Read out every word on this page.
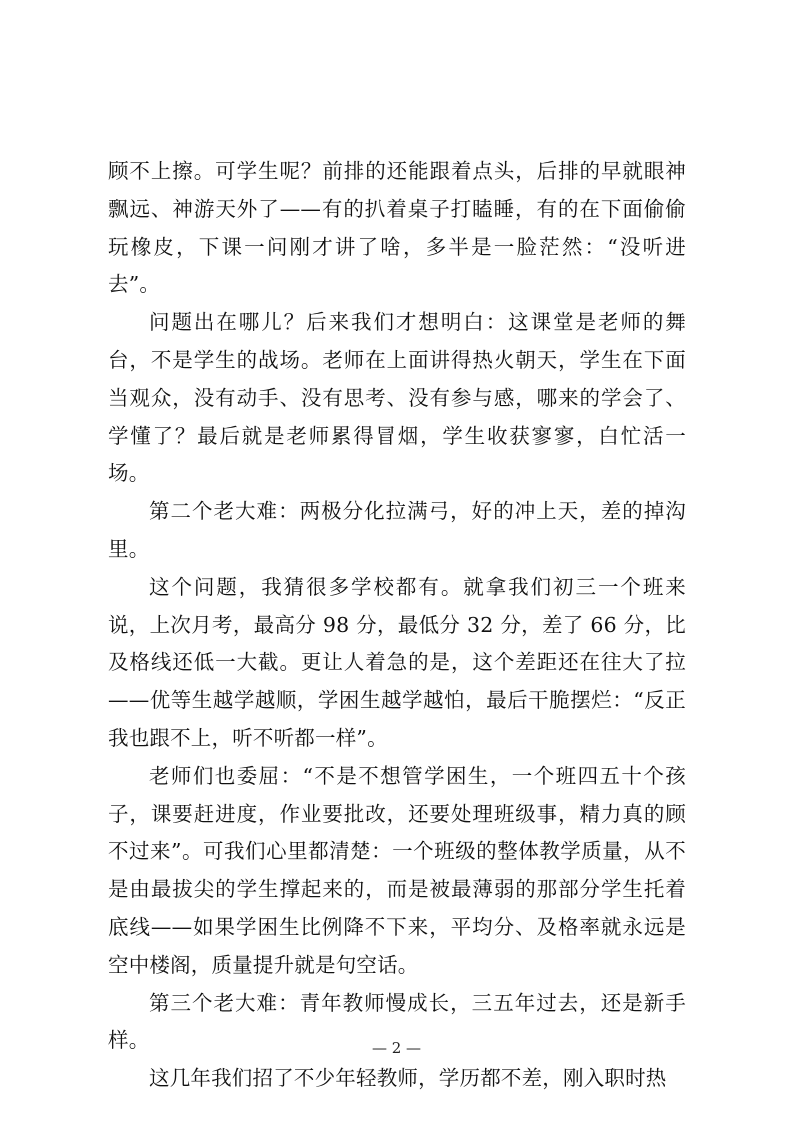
顾不上擦。可学生呢？前排的还能跟着点头，后排的早就眼神飘远、神游天外了——有的扒着桌子打瞌睡，有的在下面偷偷玩橡皮，下课一问刚才讲了啥，多半是一脸茫然：“没听进去”。

问题出在哪儿？后来我们才想明白：这课堂是老师的舞台，不是学生的战场。老师在上面讲得热火朝天，学生在下面当观众，没有动手、没有思考、没有参与感，哪来的学会了、学懂了？最后就是老师累得冒烟，学生收获寥寥，白忙活一场。

第二个老大难：两极分化拉满弓，好的冲上天，差的掉沟里。

这个问题，我猜很多学校都有。就拿我们初三一个班来说，上次月考，最高分 98 分，最低分 32 分，差了 66 分，比及格线还低一大截。更让人着急的是，这个差距还在往大了拉——优等生越学越顺，学困生越学越怕，最后干脆摆烂：“反正我也跟不上，听不听都一样”。

老师们也委屈：“不是不想管学困生，一个班四五十个孩子，课要赶进度，作业要批改，还要处理班级事，精力真的顾不过来”。可我们心里都清楚：一个班级的整体教学质量，从不是由最拔尖的学生撑起来的，而是被最薄弱的那部分学生托着底线——如果学困生比例降不下来，平均分、及格率就永远是空中楼阁，质量提升就是句空话。

第三个老大难：青年教师慢成长，三五年过去，还是新手样。

这几年我们招了不少年轻教师，学历都不差，刚入职时热

— 2 —
